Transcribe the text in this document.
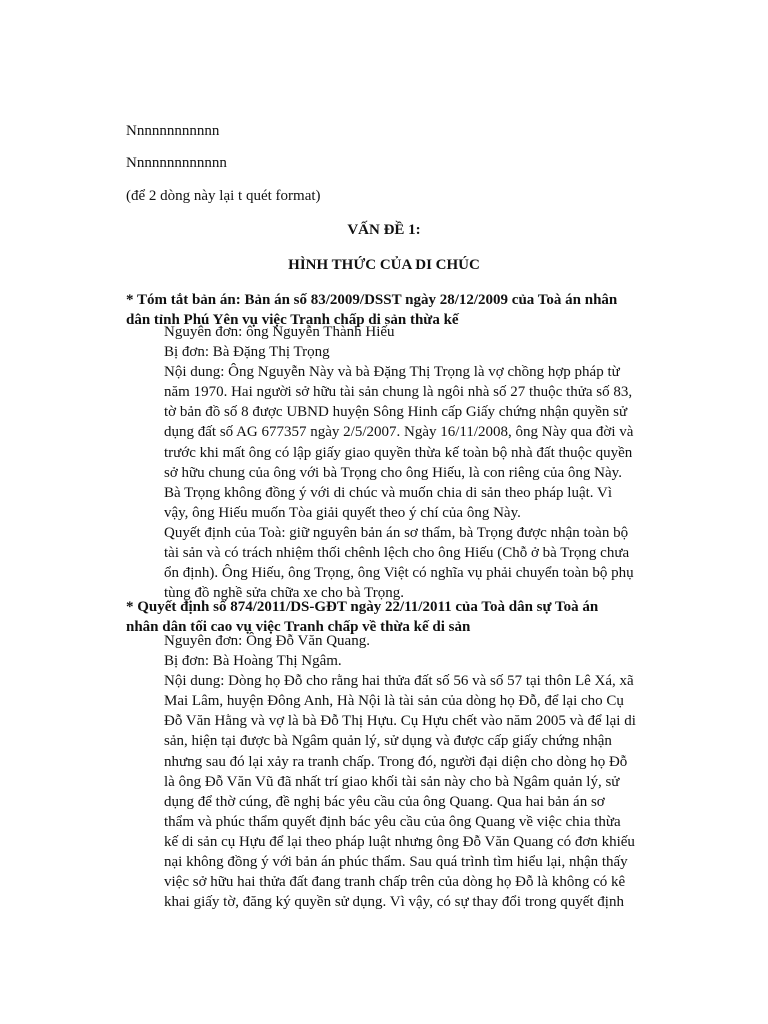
Nnnnnnnnnnnn

Nnnnnnnnnnnnn

(để 2 dòng này lại t quét format)

VẤN ĐỀ 1:

HÌNH THỨC CỦA DI CHÚC

* Tóm tắt bản án: Bản án số 83/2009/DSST ngày 28/12/2009 của Toà án nhân
dân tỉnh Phú Yên vụ việc Tranh chấp di sản thừa kế
Nguyên đơn: ông Nguyễn Thành Hiếu
Bị đơn: Bà Đặng Thị Trọng
Nội dung: Ông Nguyễn Này và bà Đặng Thị Trọng là vợ chồng hợp pháp từ
năm 1970. Hai người sở hữu tài sản chung là ngôi nhà số 27 thuộc thửa số 83,
tờ bản đồ số 8 được UBND huyện Sông Hinh cấp Giấy chứng nhận quyền sử
dụng đất số AG 677357 ngày 2/5/2007. Ngày 16/11/2008, ông Này qua đời và
trước khi mất ông có lập giấy giao quyền thừa kế toàn bộ nhà đất thuộc quyền
sở hữu chung của ông với bà Trọng cho ông Hiếu, là con riêng của ông Này.
Bà Trọng không đồng ý với di chúc và muốn chia di sản theo pháp luật. Vì
vậy, ông Hiếu muốn Tòa giải quyết theo ý chí của ông Này.
Quyết định của Toà: giữ nguyên bản án sơ thẩm, bà Trọng được nhận toàn bộ
tài sản và có trách nhiệm thối chênh lệch cho ông Hiếu (Chỗ ở bà Trọng chưa
ổn định). Ông Hiếu, ông Trọng, ông Việt có nghĩa vụ phải chuyển toàn bộ phụ
tùng đồ nghề sửa chữa xe cho bà Trọng.
* Quyết định số 874/2011/DS-GĐT ngày 22/11/2011 của Toà dân sự Toà án
nhân dân tối cao vụ việc Tranh chấp về thừa kế di sản
Nguyên đơn: Ông Đỗ Văn Quang.
Bị đơn: Bà Hoàng Thị Ngâm.
Nội dung: Dòng họ Đỗ cho rằng hai thửa đất số 56 và số 57 tại thôn Lê Xá, xã
Mai Lâm, huyện Đông Anh, Hà Nội là tài sản của dòng họ Đỗ, để lại cho Cụ
Đỗ Văn Hằng và vợ là bà Đỗ Thị Hựu. Cụ Hựu chết vào năm 2005 và để lại di
sản, hiện tại được bà Ngâm quản lý, sử dụng và được cấp giấy chứng nhận
nhưng sau đó lại xảy ra tranh chấp. Trong đó, người đại diện cho dòng họ Đỗ
là ông Đỗ Văn Vũ đã nhất trí giao khối tài sản này cho bà Ngâm quản lý, sử
dụng để thờ cúng, đề nghị bác yêu cầu của ông Quang. Qua hai bản án sơ
thẩm và phúc thẩm quyết định bác yêu cầu của ông Quang về việc chia thừa
kế di sản cụ Hựu để lại theo pháp luật nhưng ông Đỗ Văn Quang có đơn khiếu
nại không đồng ý với bản án phúc thẩm. Sau quá trình tìm hiểu lại, nhận thấy
việc sở hữu hai thửa đất đang tranh chấp trên của dòng họ Đỗ là không có kê
khai giấy tờ, đăng ký quyền sử dụng. Vì vậy, có sự thay đổi trong quyết định
